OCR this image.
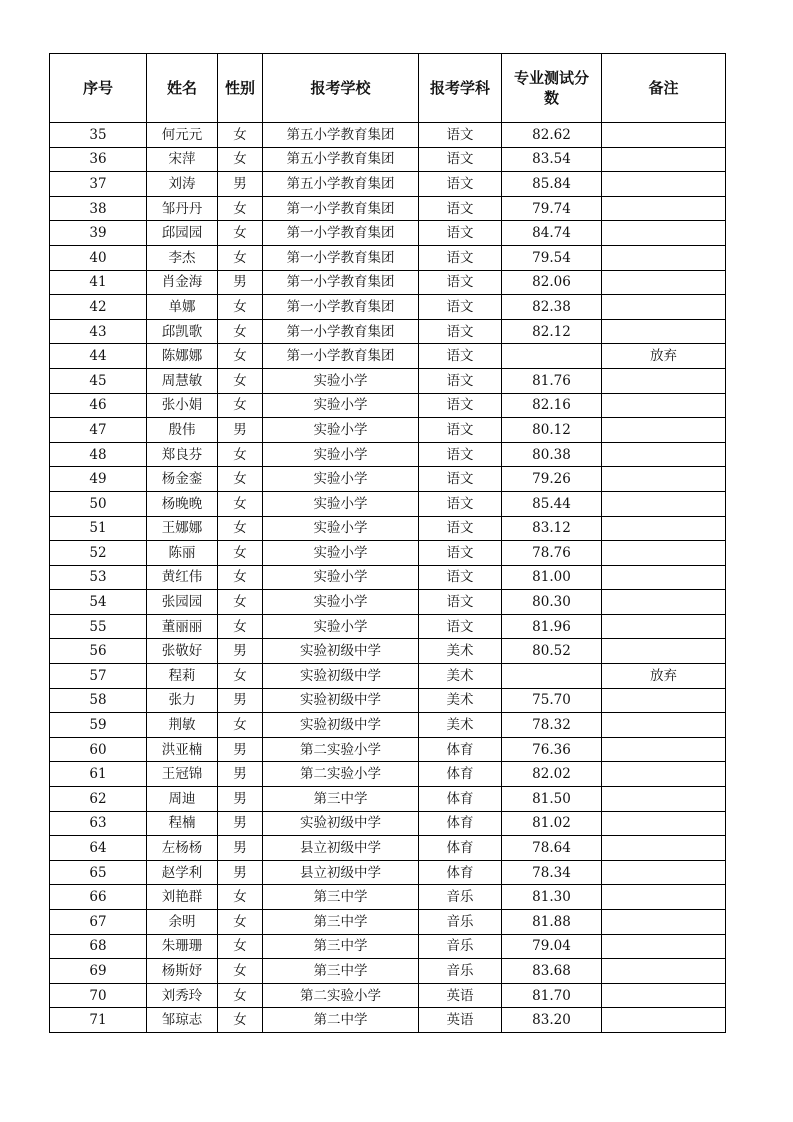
序号	姓名	性别	报考学校	报考学科	专业测试分数	备注
35	何元元	女	第五小学教育集团	语文	82.62	
36	宋萍	女	第五小学教育集团	语文	83.54	
37	刘涛	男	第五小学教育集团	语文	85.84	
38	邹丹丹	女	第一小学教育集团	语文	79.74	
39	邱园园	女	第一小学教育集团	语文	84.74	
40	李杰	女	第一小学教育集团	语文	79.54	
41	肖金海	男	第一小学教育集团	语文	82.06	
42	单娜	女	第一小学教育集团	语文	82.38	
43	邱凯歌	女	第一小学教育集团	语文	82.12	
44	陈娜娜	女	第一小学教育集团	语文		放弃
45	周慧敏	女	实验小学	语文	81.76	
46	张小娟	女	实验小学	语文	82.16	
47	殷伟	男	实验小学	语文	80.12	
48	郑良芬	女	实验小学	语文	80.38	
49	杨金銮	女	实验小学	语文	79.26	
50	杨晚晚	女	实验小学	语文	85.44	
51	王娜娜	女	实验小学	语文	83.12	
52	陈丽	女	实验小学	语文	78.76	
53	黄红伟	女	实验小学	语文	81.00	
54	张园园	女	实验小学	语文	80.30	
55	董丽丽	女	实验小学	语文	81.96	
56	张敬好	男	实验初级中学	美术	80.52	
57	程莉	女	实验初级中学	美术		放弃
58	张力	男	实验初级中学	美术	75.70	
59	荆敏	女	实验初级中学	美术	78.32	
60	洪亚楠	男	第二实验小学	体育	76.36	
61	王冠锦	男	第二实验小学	体育	82.02	
62	周迪	男	第三中学	体育	81.50	
63	程楠	男	实验初级中学	体育	81.02	
64	左杨杨	男	县立初级中学	体育	78.64	
65	赵学利	男	县立初级中学	体育	78.34	
66	刘艳群	女	第三中学	音乐	81.30	
67	余明	女	第三中学	音乐	81.88	
68	朱珊珊	女	第三中学	音乐	79.04	
69	杨斯妤	女	第三中学	音乐	83.68	
70	刘秀玲	女	第二实验小学	英语	81.70	
71	邹琼志	女	第二中学	英语	83.20	
